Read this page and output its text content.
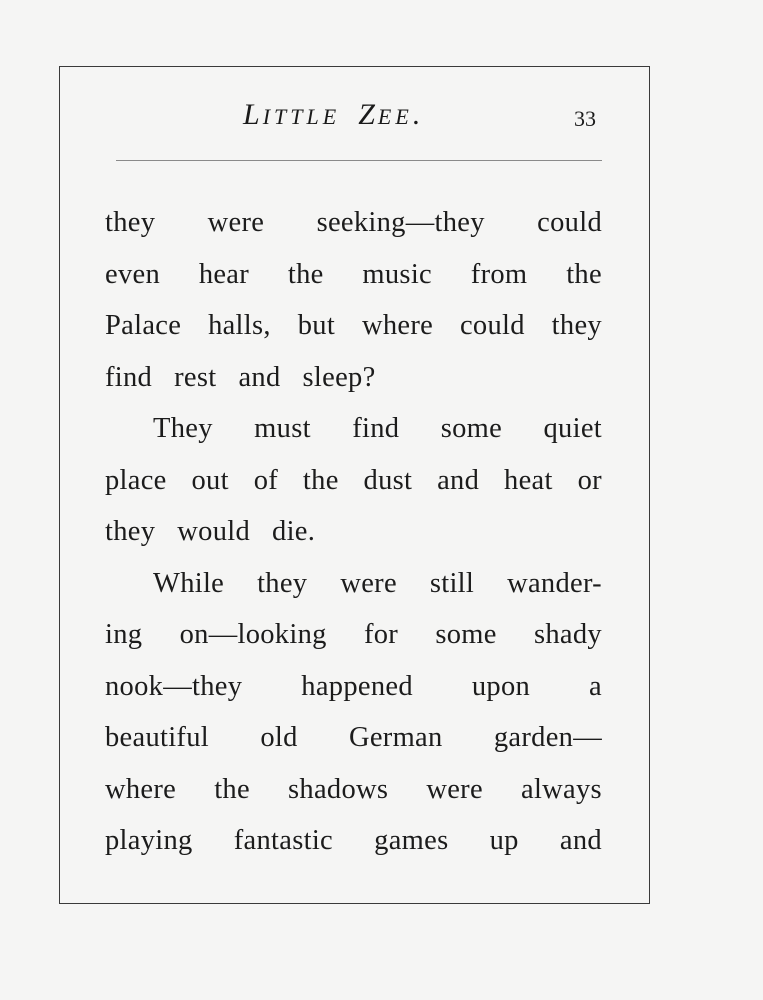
LITTLE  ZEE.	33
they were seeking—they could
even hear the music from the
Palace halls, but where could they
find rest and sleep?
They must find some quiet
place out of the dust and heat or
they would die.
While they were still wander-
ing on—looking for some shady
nook—they happened upon a
beautiful old German garden—
where the shadows were always
playing fantastic games up and
